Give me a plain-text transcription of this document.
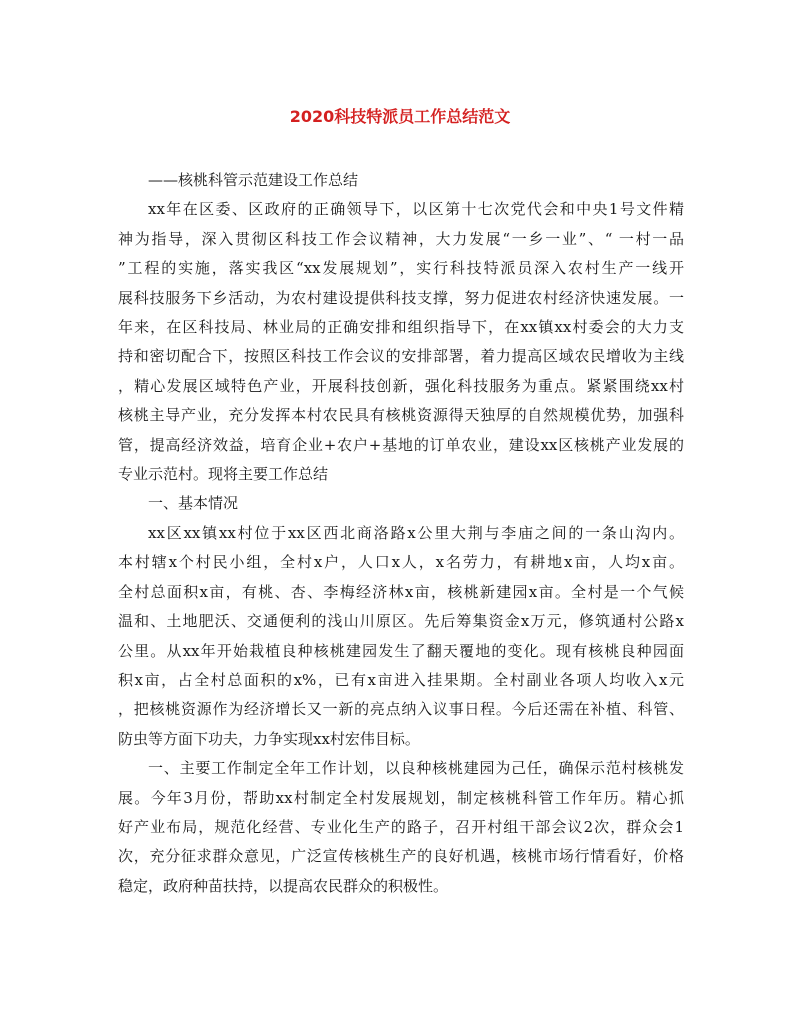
2020科技特派员工作总结范文
——核桃科管示范建设工作总结

xx年在区委、区政府的正确领导下，以区第十七次党代会和中央1号文件精
神为指导，深入贯彻区科技工作会议精神，大力发展“一乡一业”、“ 一村一品
”工程的实施，落实我区“xx发展规划”，实行科技特派员深入农村生产一线开
展科技服务下乡活动，为农村建设提供科技支撑，努力促进农村经济快速发展。一
年来，在区科技局、林业局的正确安排和组织指导下，在xx镇xx村委会的大力支
持和密切配合下，按照区科技工作会议的安排部署，着力提高区域农民增收为主线
，精心发展区域特色产业，开展科技创新，强化科技服务为重点。紧紧围绕xx村
核桃主导产业，充分发挥本村农民具有核桃资源得天独厚的自然规模优势，加强科
管，提高经济效益，培育企业+农户+基地的订单农业，建设xx区核桃产业发展的
专业示范村。现将主要工作总结

一、基本情况

xx区xx镇xx村位于xx区西北商洛路x公里大荆与李庙之间的一条山沟内。
本村辖x个村民小组，全村x户，人口x人，x名劳力，有耕地x亩，人均x亩。
全村总面积x亩，有桃、杏、李梅经济林x亩，核桃新建园x亩。全村是一个气候
温和、土地肥沃、交通便利的浅山川原区。先后筹集资金x万元，修筑通村公路x
公里。从xx年开始栽植良种核桃建园发生了翻天覆地的变化。现有核桃良种园面
积x亩，占全村总面积的x%，已有x亩进入挂果期。全村副业各项人均收入x元
，把核桃资源作为经济增长又一新的亮点纳入议事日程。今后还需在补植、科管、
防虫等方面下功夫，力争实现xx村宏伟目标。

一、主要工作制定全年工作计划，以良种核桃建园为己任，确保示范村核桃发
展。今年3月份，帮助xx村制定全村发展规划，制定核桃科管工作年历。精心抓
好产业布局，规范化经营、专业化生产的路子，召开村组干部会议2次，群众会1
次，充分征求群众意见，广泛宣传核桃生产的良好机遇，核桃市场行情看好，价格
稳定，政府种苗扶持，以提高农民群众的积极性。
